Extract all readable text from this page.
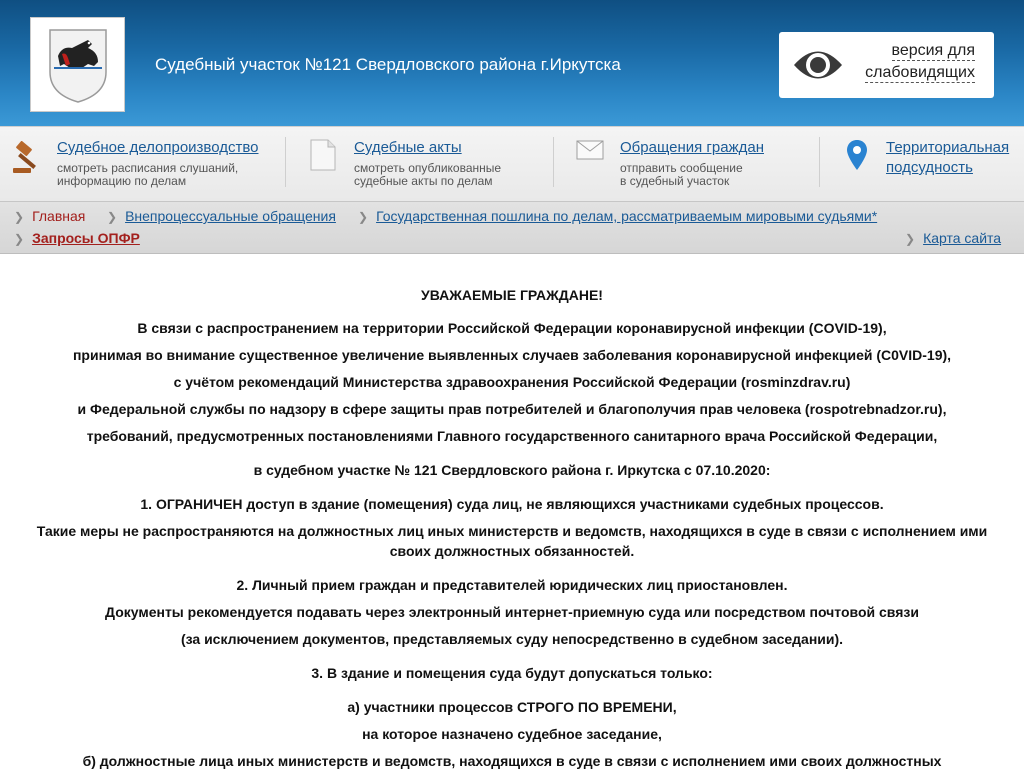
Судебный участок №121 Свердловского района г.Иркутска
версия для
слабовидящих
Судебное делопроизводство
смотреть расписания слушаний,
информацию по делам
Судебные акты
смотреть опубликованные
судебные акты по делам
Обращения граждан
отправить сообщение
в судебный участок
Территориальная
подсудность
❯ Главная ❯ Внепроцессуальные обращения ❯ Государственная пошлина по делам, рассматриваемым мировыми судьями*
❯ Запросы ОПФР	❯ Карта сайта

УВАЖАЕМЫЕ ГРАЖДАНЕ!

В связи с распространением на территории Российской Федерации коронавирусной инфекции (COVID-19),

принимая во внимание существенное увеличение выявленных случаев заболевания коронавирусной инфекцией (C0VID-19),

с учётом рекомендаций Министерства здравоохранения Российской Федерации (rosminzdrav.ru)

и Федеральной службы по надзору в сфере защиты прав потребителей и благополучия прав человека (rospotrebnadzor.ru),

требований, предусмотренных постановлениями Главного государственного санитарного врача Российской Федерации,

в судебном участке № 121 Свердловского района г. Иркутска с 07.10.2020:

1. ОГРАНИЧЕН доступ в здание (помещения) суда лиц, не являющихся участниками судебных процессов.

Такие меры не распространяются на должностных лиц иных министерств и ведомств, находящихся в суде в связи с исполнением ими

своих должностных обязанностей.

2. Личный прием граждан и представителей юридических лиц приостановлен.

Документы рекомендуется подавать через электронный интернет-приемную суда или посредством почтовой связи

(за исключением документов, представляемых суду непосредственно в судебном заседании).

3. В здание и помещения суда будут допускаться только:

а) участники процессов СТРОГО ПО ВРЕМЕНИ,

на которое назначено судебное заседание,

б) должностные лица иных министерств и ведомств, находящихся в суде в связи с исполнением ими своих должностных
